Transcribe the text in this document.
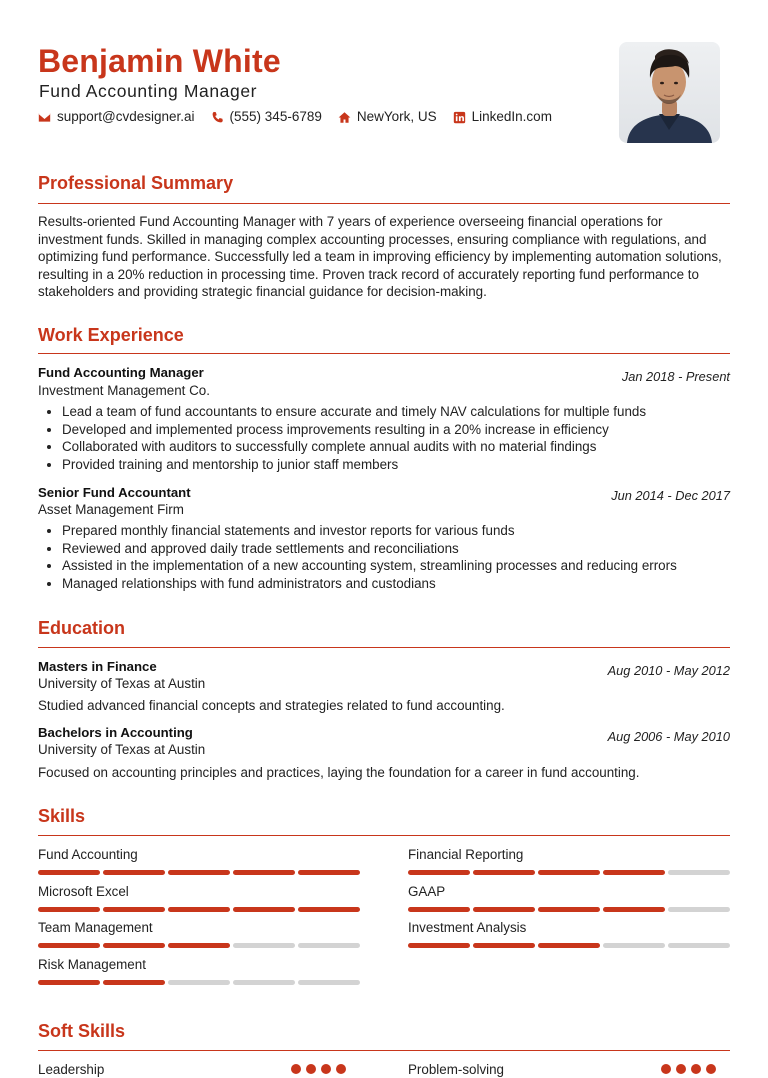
Benjamin White
Fund Accounting Manager
support@cvdesigner.ai	(555) 345-6789	NewYork, US	LinkedIn.com
Professional Summary
Results-oriented Fund Accounting Manager with 7 years of experience overseeing financial operations for investment funds. Skilled in managing complex accounting processes, ensuring compliance with regulations, and optimizing fund performance. Successfully led a team in improving efficiency by implementing automation solutions, resulting in a 20% reduction in processing time. Proven track record of accurately reporting fund performance to stakeholders and providing strategic financial guidance for decision-making.
Work Experience
Fund Accounting Manager	Jan 2018 - Present
Investment Management Co.
• Lead a team of fund accountants to ensure accurate and timely NAV calculations for multiple funds
• Developed and implemented process improvements resulting in a 20% increase in efficiency
• Collaborated with auditors to successfully complete annual audits with no material findings
• Provided training and mentorship to junior staff members
Senior Fund Accountant	Jun 2014 - Dec 2017
Asset Management Firm
• Prepared monthly financial statements and investor reports for various funds
• Reviewed and approved daily trade settlements and reconciliations
• Assisted in the implementation of a new accounting system, streamlining processes and reducing errors
• Managed relationships with fund administrators and custodians
Education
Masters in Finance	Aug 2010 - May 2012
University of Texas at Austin
Studied advanced financial concepts and strategies related to fund accounting.
Bachelors in Accounting	Aug 2006 - May 2010
University of Texas at Austin
Focused on accounting principles and practices, laying the foundation for a career in fund accounting.
Skills
Fund Accounting	Financial Reporting
Microsoft Excel	GAAP
Team Management	Investment Analysis
Risk Management
Soft Skills
Leadership	Problem-solving
